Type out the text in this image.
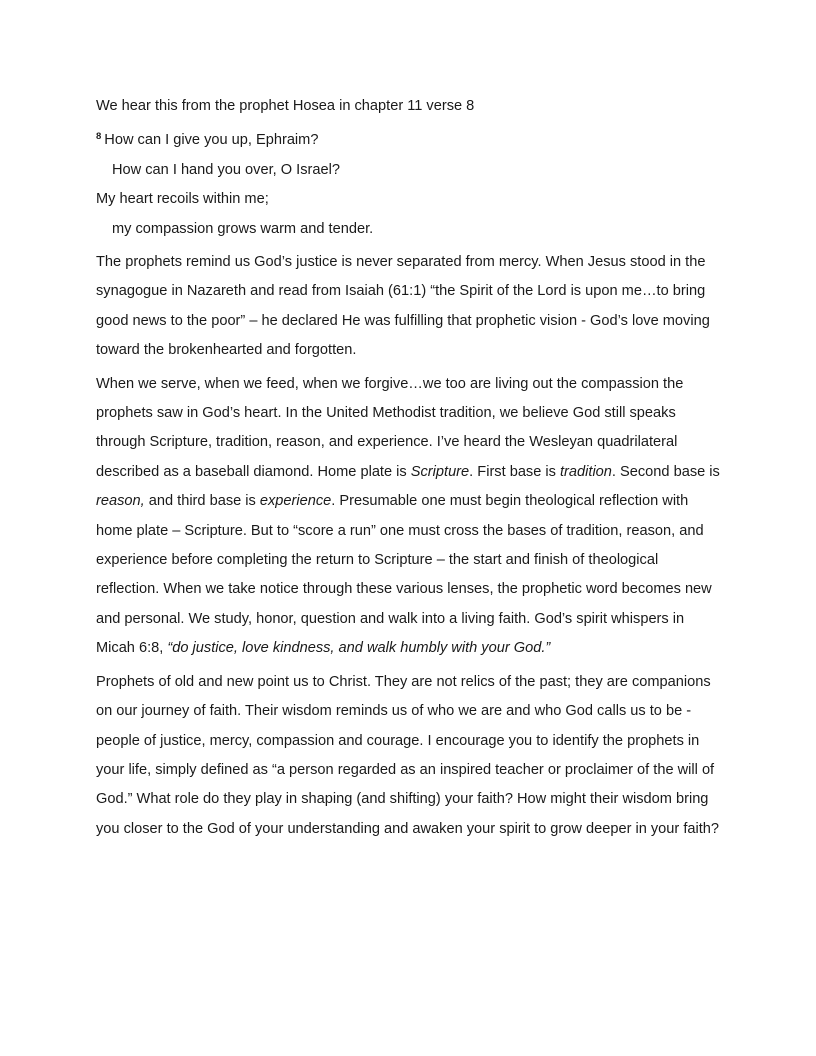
We hear this from the prophet Hosea in chapter 11 verse 8

$^8$ How can I give you up, Ephraim?
How can I hand you over, O Israel?
My heart recoils within me;
my compassion grows warm and tender.

The prophets remind us God’s justice is never separated from mercy. When Jesus stood in the synagogue in Nazareth and read from Isaiah (61:1) “the Spirit of the Lord is upon me…to bring good news to the poor” – he declared He was fulfilling that prophetic vision - God’s love moving toward the brokenhearted and forgotten.

When we serve, when we feed, when we forgive…we too are living out the compassion the prophets saw in God’s heart. In the United Methodist tradition, we believe God still speaks through Scripture, tradition, reason, and experience. I’ve heard the Wesleyan quadrilateral described as a baseball diamond. Home plate is Scripture. First base is tradition. Second base is reason, and third base is experience. Presumable one must begin theological reflection with home plate – Scripture. But to “score a run” one must cross the bases of tradition, reason, and experience before completing the return to Scripture – the start and finish of theological reflection. When we take notice through these various lenses, the prophetic word becomes new and personal. We study, honor, question and walk into a living faith. God’s spirit whispers in Micah 6:8, “do justice, love kindness, and walk humbly with your God.”

Prophets of old and new point us to Christ. They are not relics of the past; they are companions on our journey of faith. Their wisdom reminds us of who we are and who God calls us to be - people of justice, mercy, compassion and courage. I encourage you to identify the prophets in your life, simply defined as “a person regarded as an inspired teacher or proclaimer of the will of God.” What role do they play in shaping (and shifting) your faith? How might their wisdom bring you closer to the God of your understanding and awaken your spirit to grow deeper in your faith?
